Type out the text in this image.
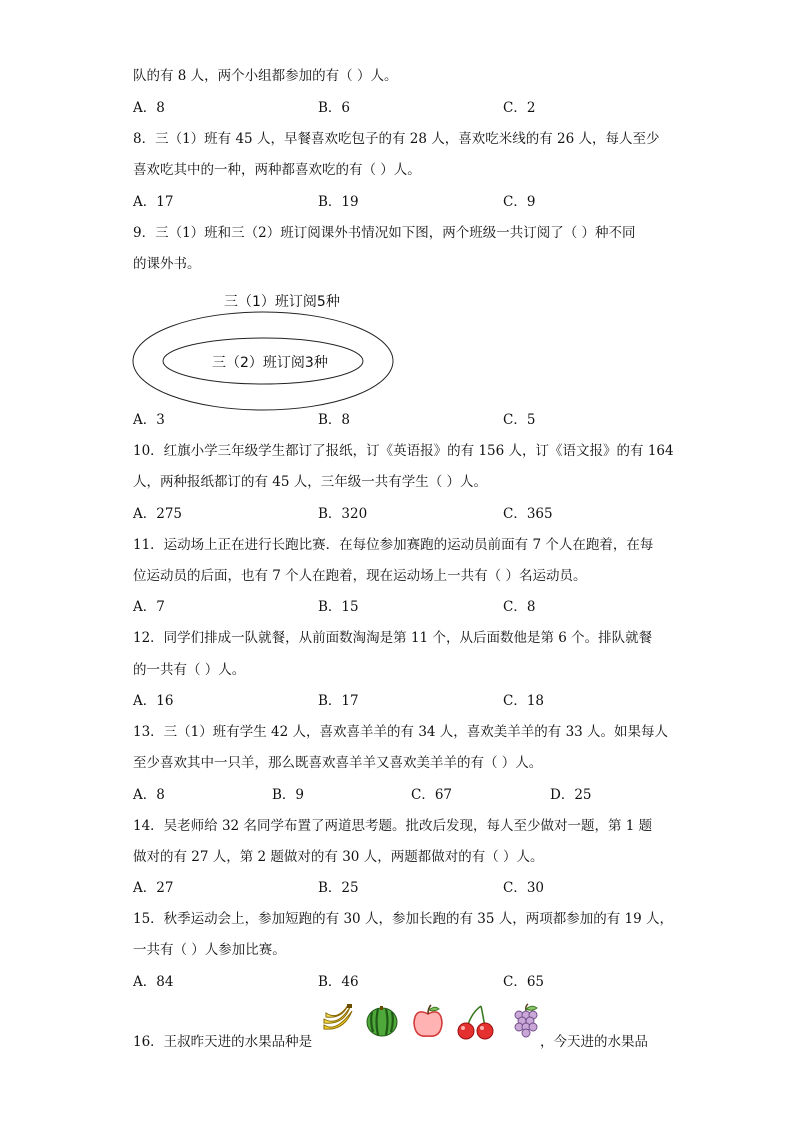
队的有 8 人，两个小组都参加的有（ ）人。
A．8	B．6	C．2
8．三（1）班有 45 人，早餐喜欢吃包子的有 28 人，喜欢吃米线的有 26 人，每人至少
喜欢吃其中的一种，两种都喜欢吃的有（ ）人。
A．17	B．19	C．9
9．三（1）班和三（2）班订阅课外书情况如下图，两个班级一共订阅了（ ）种不同
的课外书。
三（1）班订阅5种
三（2）班订阅3种
A．3	B．8	C．5
10．红旗小学三年级学生都订了报纸，订《英语报》的有 156 人，订《语文报》的有 164
人，两种报纸都订的有 45 人，三年级一共有学生（ ）人。
A．275	B．320	C．365
11．运动场上正在进行长跑比赛．在每位参加赛跑的运动员前面有 7 个人在跑着，在每
位运动员的后面，也有 7 个人在跑着，现在运动场上一共有（ ）名运动员。
A．7	B．15	C．8
12．同学们排成一队就餐，从前面数淘淘是第 11 个，从后面数他是第 6 个。排队就餐
的一共有（ ）人。
A．16	B．17	C．18
13．三（1）班有学生 42 人，喜欢喜羊羊的有 34 人，喜欢美羊羊的有 33 人。如果每人
至少喜欢其中一只羊，那么既喜欢喜羊羊又喜欢美羊羊的有（ ）人。
A．8	B．9	C．67	D．25
14．吴老师给 32 名同学布置了两道思考题。批改后发现，每人至少做对一题，第 1 题
做对的有 27 人，第 2 题做对的有 30 人，两题都做对的有（ ）人。
A．27	B．25	C．30
15．秋季运动会上，参加短跑的有 30 人，参加长跑的有 35 人，两项都参加的有 19 人，
一共有（ ）人参加比赛。
A．84	B．46	C．65
16．王叔昨天进的水果品种是	，今天进的水果品
